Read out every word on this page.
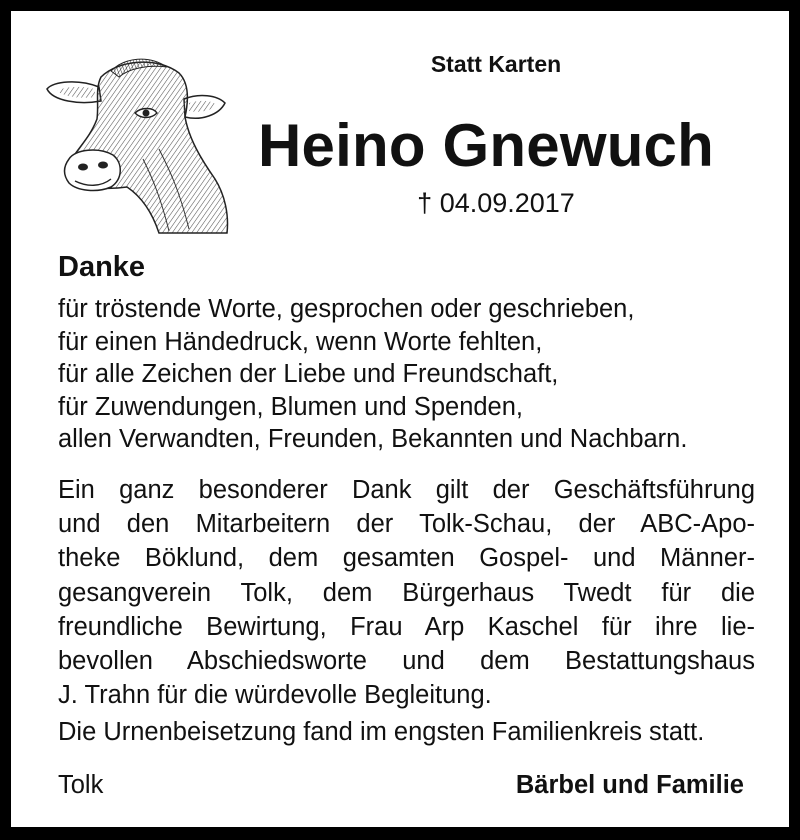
Statt Karten
Heino Gnewuch
† 04.09.2017
Danke
für tröstende Worte, gesprochen oder geschrieben,
für einen Händedruck, wenn Worte fehlten,
für alle Zeichen der Liebe und Freundschaft,
für Zuwendungen, Blumen und Spenden,
allen Verwandten, Freunden, Bekannten und Nachbarn.
Ein ganz besonderer Dank gilt der Geschäftsführung
und den Mitarbeitern der Tolk-Schau, der ABC-Apo-
theke Böklund, dem gesamten Gospel- und Männer-
gesangverein Tolk, dem Bürgerhaus Twedt für die
freundliche Bewirtung, Frau Arp Kaschel für ihre lie-
bevollen Abschiedsworte und dem Bestattungshaus
J. Trahn für die würdevolle Begleitung.
Die Urnenbeisetzung fand im engsten Familienkreis statt.
Tolk	Bärbel und Familie
